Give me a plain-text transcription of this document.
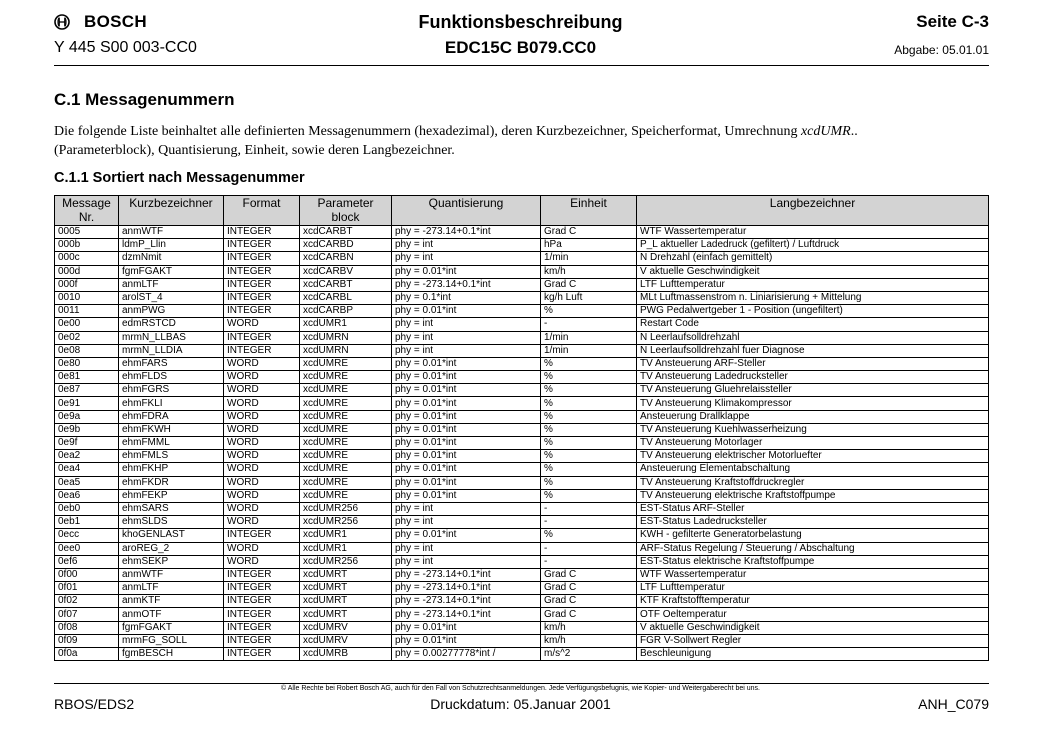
BOSCH
Y 445 S00 003-CC0
Funktionsbeschreibung
EDC15C B079.CC0
Seite C-3
Abgabe: 05.01.01
C.1 Messagenummern
Die folgende Liste beinhaltet alle definierten Messagenummern (hexadezimal), deren Kurzbezeichner, Speicherformat, Umrechnung xcdUMR..(Parameterblock), Quantisierung, Einheit, sowie deren Langbezeichner.
C.1.1 Sortiert nach Messagenummer
Message Nr.	Kurzbezeichner	Format	Parameter block	Quantisierung	Einheit	Langbezeichner
0005	anmWTF	INTEGER	xcdCARBT	phy = -273.14+0.1*int	Grad C	WTF Wassertemperatur
000b	ldmP_Llin	INTEGER	xcdCARBD	phy = int	hPa	P_L aktueller Ladedruck (gefiltert) / Luftdruck
000c	dzmNmit	INTEGER	xcdCARBN	phy = int	1/min	N Drehzahl (einfach gemittelt)
000d	fgmFGAKT	INTEGER	xcdCARBV	phy = 0.01*int	km/h	V aktuelle Geschwindigkeit
000f	anmLTF	INTEGER	xcdCARBT	phy = -273.14+0.1*int	Grad C	LTF Lufttemperatur
0010	arolST_4	INTEGER	xcdCARBL	phy = 0.1*int	kg/h Luft	MLt Luftmassenstrom n. Liniarisierung + Mittelung
0011	anmPWG	INTEGER	xcdCARBP	phy = 0.01*int	%	PWG Pedalwertgeber 1 - Position (ungefiltert)
0e00	edmRSTCD	WORD	xcdUMR1	phy = int	-	Restart Code
0e02	mrmN_LLBAS	INTEGER	xcdUMRN	phy = int	1/min	N Leerlaufsolldrehzahl
0e08	mrmN_LLDIA	INTEGER	xcdUMRN	phy = int	1/min	N Leerlaufsolldrehzahl fuer Diagnose
0e80	ehmFARS	WORD	xcdUMRE	phy = 0.01*int	%	TV Ansteuerung ARF-Steller
0e81	ehmFLDS	WORD	xcdUMRE	phy = 0.01*int	%	TV Ansteuerung Ladedrucksteller
0e87	ehmFGRS	WORD	xcdUMRE	phy = 0.01*int	%	TV Ansteuerung Gluehrelaissteller
0e91	ehmFKLI	WORD	xcdUMRE	phy = 0.01*int	%	TV Ansteuerung Klimakompressor
0e9a	ehmFDRA	WORD	xcdUMRE	phy = 0.01*int	%	Ansteuerung Drallklappe
0e9b	ehmFKWH	WORD	xcdUMRE	phy = 0.01*int	%	TV Ansteuerung Kuehlwasserheizung
0e9f	ehmFMML	WORD	xcdUMRE	phy = 0.01*int	%	TV Ansteuerung Motorlager
0ea2	ehmFMLS	WORD	xcdUMRE	phy = 0.01*int	%	TV Ansteuerung elektrischer Motorluefter
0ea4	ehmFKHP	WORD	xcdUMRE	phy = 0.01*int	%	Ansteuerung Elementabschaltung
0ea5	ehmFKDR	WORD	xcdUMRE	phy = 0.01*int	%	TV Ansteuerung Kraftstoffdruckregler
0ea6	ehmFEKP	WORD	xcdUMRE	phy = 0.01*int	%	TV Ansteuerung elektrische Kraftstoffpumpe
0eb0	ehmSARS	WORD	xcdUMR256	phy = int	-	EST-Status ARF-Steller
0eb1	ehmSLDS	WORD	xcdUMR256	phy = int	-	EST-Status Ladedrucksteller
0ecc	khoGENLAST	INTEGER	xcdUMR1	phy = 0.01*int	%	KWH - gefilterte Generatorbelastung
0ee0	aroREG_2	WORD	xcdUMR1	phy = int	-	ARF-Status Regelung / Steuerung / Abschaltung
0ef6	ehmSEKP	WORD	xcdUMR256	phy = int	-	EST-Status elektrische Kraftstoffpumpe
0f00	anmWTF	INTEGER	xcdUMRT	phy = -273.14+0.1*int	Grad C	WTF Wassertemperatur
0f01	anmLTF	INTEGER	xcdUMRT	phy = -273.14+0.1*int	Grad C	LTF Lufttemperatur
0f02	anmKTF	INTEGER	xcdUMRT	phy = -273.14+0.1*int	Grad C	KTF Kraftstofftemperatur
0f07	anmOTF	INTEGER	xcdUMRT	phy = -273.14+0.1*int	Grad C	OTF Oeltemperatur
0f08	fgmFGAKT	INTEGER	xcdUMRV	phy = 0.01*int	km/h	V aktuelle Geschwindigkeit
0f09	mrmFG_SOLL	INTEGER	xcdUMRV	phy = 0.01*int	km/h	FGR V-Sollwert Regler
0f0a	fgmBESCH	INTEGER	xcdUMRB	phy = 0.00277778*int /	m/s^2	Beschleunigung
© Alle Rechte bei Robert Bosch AG, auch für den Fall von Schutzrechtsanmeldungen. Jede Verfügungsbefugnis, wie Kopier- und Weitergaberecht bei uns.
RBOS/EDS2	Druckdatum: 05.Januar 2001	ANH_C079
